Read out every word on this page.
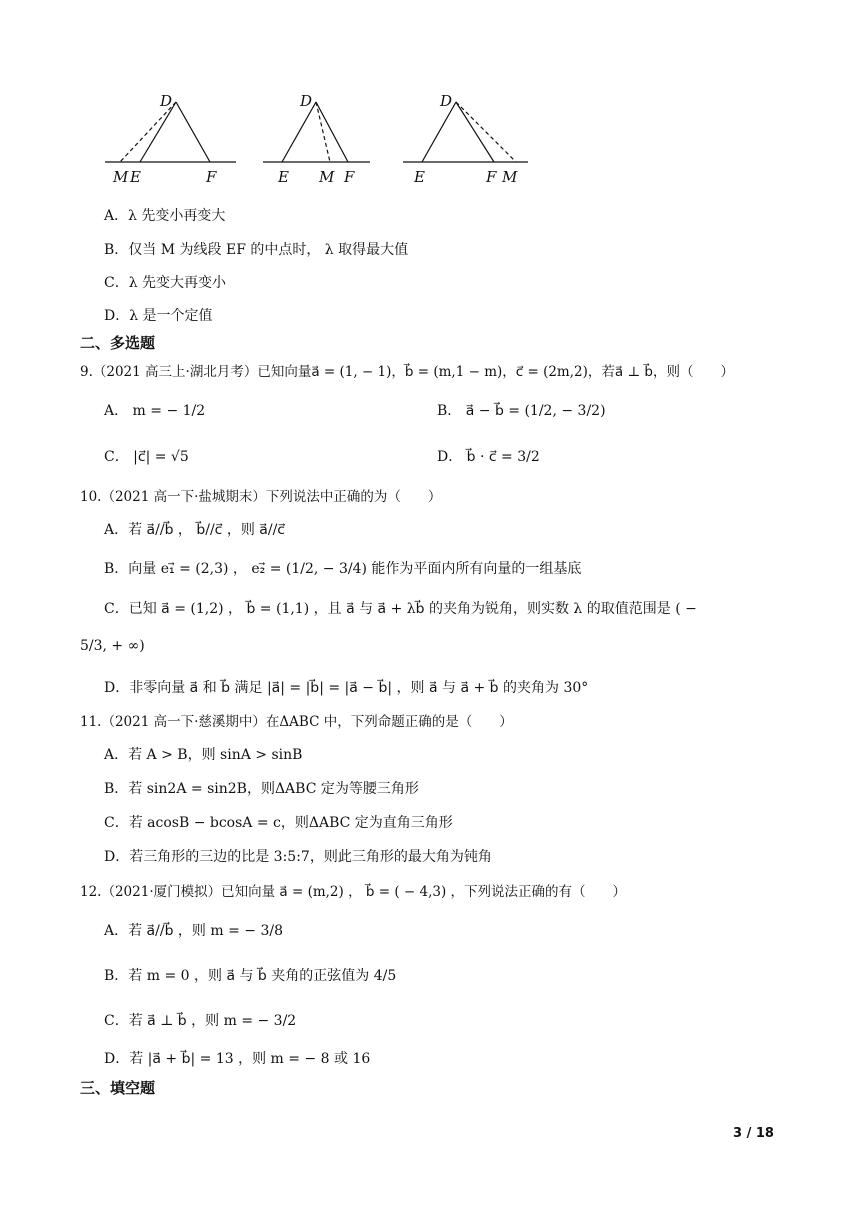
D
M E	F
D
E M F
D
E	F M
A．λ 先变小再变大
B．仅当 M 为线段 EF 的中点时， λ 取得最大值
C．λ 先变大再变小
D．λ 是一个定值
二、多选题
9.（2021 高三上·湖北月考）已知向量a⃗ = (1, − 1)，b⃗ = (m,1 − m)，c⃗ = (2m,2)，若a⃗ ⊥ b⃗，则（　　）
A． m = − 1/2	B． a⃗ − b⃗ = (1/2, − 3/2)
C． |c⃗| = √5	D． b⃗ · c⃗ = 3/2
10.（2021 高一下·盐城期末）下列说法中正确的为（　　）
A．若 a⃗//b⃗ ， b⃗//c⃗ ，则 a⃗//c⃗
B．向量 e₁⃗ = (2,3) ， e₂⃗ = (1/2, − 3/4) 能作为平面内所有向量的一组基底
C．已知 a⃗ = (1,2) ， b⃗ = (1,1) ，且 a⃗ 与 a⃗ + λb⃗ 的夹角为锐角，则实数 λ 的取值范围是 ( −
5/3, + ∞)
D．非零向量 a⃗ 和 b⃗ 满足 |a⃗| = |b⃗| = |a⃗ − b⃗| ，则 a⃗ 与 a⃗ + b⃗ 的夹角为 30°
11.（2021 高一下·慈溪期中）在ΔABC 中，下列命题正确的是（　　）
A．若 A > B，则 sinA > sinB
B．若 sin2A = sin2B，则ΔABC 定为等腰三角形
C．若 acosB − bcosA = c，则ΔABC 定为直角三角形
D．若三角形的三边的比是 3:5:7，则此三角形的最大角为钝角
12.（2021·厦门模拟）已知向量 a⃗ = (m,2) ， b⃗ = ( − 4,3) ，下列说法正确的有（　　）
A．若 a⃗//b⃗ ，则 m = − 3/8
B．若 m = 0 ，则 a⃗ 与 b⃗ 夹角的正弦值为 4/5
C．若 a⃗ ⊥ b⃗ ，则 m = − 3/2
D．若 |a⃗ + b⃗| = 13 ，则 m = − 8 或 16
三、填空题
3 / 18
